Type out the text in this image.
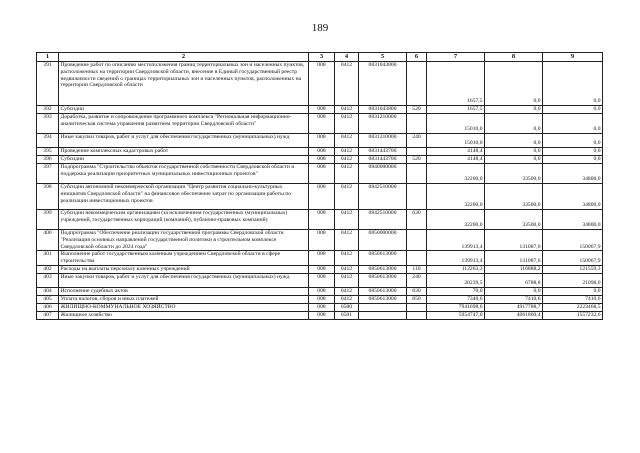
189
1	2	3	4	5	6	7	8	9
391	Проведение работ по описанию местоположения границ территориальных зон и населенных пунктов, расположенных на территории Свердловской области, внесение в Единый государственный реестр недвижимости сведений о границах территориальных зон и населенных пунктов, расположенных на территории Свердловской области	008	0412	0831043800		1657,5	0,0	0,0
392	Субсидии	008	0412	0831043800	520	1657,5	0,0	0,0
393	Доработка, развитие и сопровождение программного комплекса "Региональная информационно-аналитическая система управления развитием территории Свердловской области"	008	0412	0831210000		15010,0	0,0	0,0
394	Иные закупки товаров, работ и услуг для обеспечения государственных (муниципальных) нужд	008	0412	0831210000	240	15010,0	0,0	0,0
395	Проведение комплексных кадастровых работ	008	0412	0831443700		4148,4	0,0	0,0
396	Субсидии	008	0412	0831443700	520	4148,4	0,0	0,0
397	Подпрограмма "Строительство объектов государственной собственности Свердловской области и поддержка реализации приоритетных муниципальных инвестиционных проектов"	008	0412	0840000000		32200,0	33500,0	34800,0
398	Субсидии автономной некоммерческой организации "Центр развития социально-культурных инициатив Свердловской области" на финансовое обеспечение затрат по организации работы по реализации инвестиционных проектов	008	0412	0842510000		32200,0	33500,0	34800,0
399	Субсидии некоммерческим организациям (за исключением государственных (муниципальных) учреждений, государственных корпораций (компаний), публично-правовых компаний)	008	0412	0842510000	630	32200,0	33500,0	34800,0
400	Подпрограмма "Обеспечение реализации государственной программы Свердловской области "Реализация основных направлений государственной политики в строительном комплексе Свердловской области до 2024 года"	008	0412	0850000000		139913,4	131087,6	150067,9
401	Выполнение работ государственным казенным учреждением Свердловской области в сфере строительства	008	0412	0850613000		139913,4	131087,6	150067,9
402	Расходы на выплаты персоналу казенных учреждений	008	0412	0850613000	110	112263,3	116888,2	121559,3
403	Иные закупки товаров, работ и услуг для обеспечения государственных (муниципальных) нужд	008	0412	0850613000	240	20239,5	6788,8	21098,0
404	Исполнение судебных актов	008	0412	0850613000	830	70,0	0,0	0,0
405	Уплата налогов, сборов и иных платежей	008	0412	0850613000	850	7340,6	7410,6	7410,6
406	ЖИЛИЩНО-КОММУНАЛЬНОЕ ХОЗЯЙСТВО	008	0500			7941698,6	4917788,7	2223468,5
407	Жилищное хозяйство	008	0501			5954747,0	4061860,4	1557232,6
